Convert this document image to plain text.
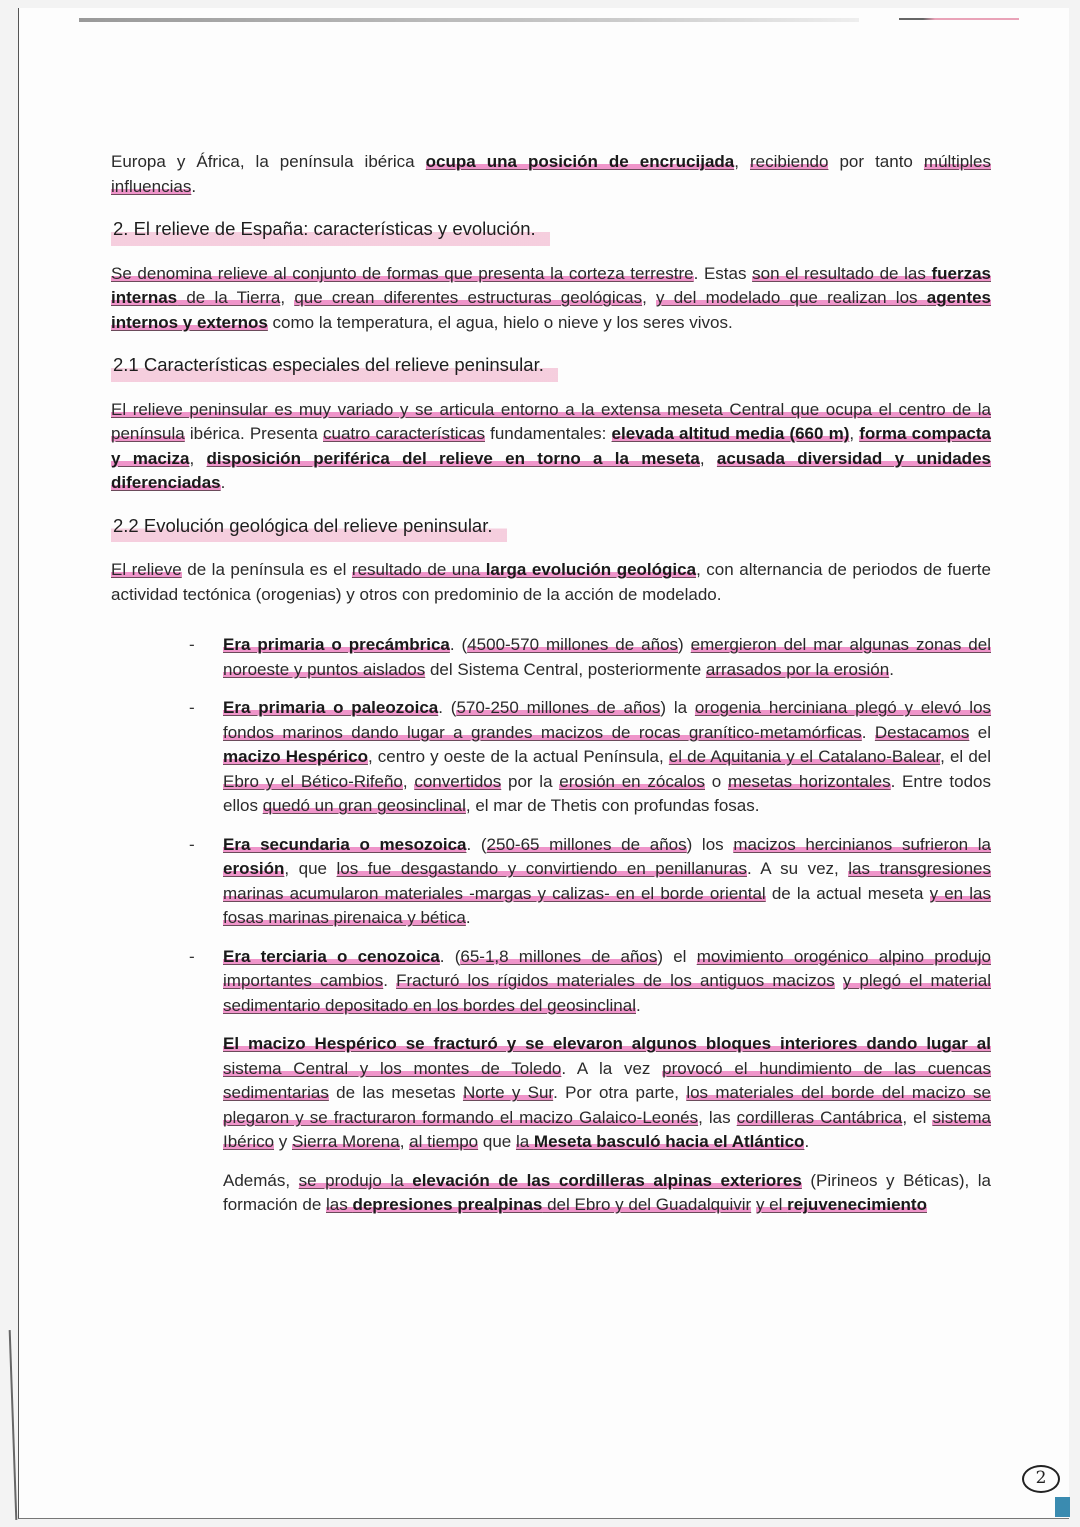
Europa y África, la península ibérica ocupa una posición de encrucijada, recibiendo por tanto múltiples influencias.

2. El relieve de España: características y evolución.

Se denomina relieve al conjunto de formas que presenta la corteza terrestre. Estas son el resultado de las fuerzas internas de la Tierra, que crean diferentes estructuras geológicas, y del modelado que realizan los agentes internos y externos como la temperatura, el agua, hielo o nieve y los seres vivos.

2.1 Características especiales del relieve peninsular.

El relieve peninsular es muy variado y se articula entorno a la extensa meseta Central que ocupa el centro de la península ibérica. Presenta cuatro características fundamentales: elevada altitud media (660 m), forma compacta y maciza, disposición periférica del relieve en torno a la meseta, acusada diversidad y unidades diferenciadas.

2.2 Evolución geológica del relieve peninsular.

El relieve de la península es el resultado de una larga evolución geológica, con alternancia de periodos de fuerte actividad tectónica (orogenias) y otros con predominio de la acción de modelado.

- Era primaria o precámbrica. (4500-570 millones de años) emergieron del mar algunas zonas del noroeste y puntos aislados del Sistema Central, posteriormente arrasados por la erosión.
- Era primaria o paleozoica. (570-250 millones de años) la orogenia herciniana plegó y elevó los fondos marinos dando lugar a grandes macizos de rocas granítico-metamórficas. Destacamos el macizo Hespérico, centro y oeste de la actual Península, el de Aquitania y el Catalano-Balear, el del Ebro y el Bético-Rifeño, convertidos por la erosión en zócalos o mesetas horizontales. Entre todos ellos quedó un gran geosinclinal, el mar de Thetis con profundas fosas.
- Era secundaria o mesozoica. (250-65 millones de años) los macizos hercinianos sufrieron la erosión, que los fue desgastando y convirtiendo en penillanuras. A su vez, las transgresiones marinas acumularon materiales -margas y calizas- en el borde oriental de la actual meseta y en las fosas marinas pirenaica y bética.
- Era terciaria o cenozoica. (65-1,8 millones de años) el movimiento orogénico alpino produjo importantes cambios. Fracturó los rígidos materiales de los antiguos macizos y plegó el material sedimentario depositado en los bordes del geosinclinal.

El macizo Hespérico se fracturó y se elevaron algunos bloques interiores dando lugar al sistema Central y los montes de Toledo. A la vez provocó el hundimiento de las cuencas sedimentarias de las mesetas Norte y Sur. Por otra parte, los materiales del borde del macizo se plegaron y se fracturaron formando el macizo Galaico-Leonés, las cordilleras Cantábrica, el sistema Ibérico y Sierra Morena, al tiempo que la Meseta basculó hacia el Atlántico.

Además, se produjo la elevación de las cordilleras alpinas exteriores (Pirineos y Béticas), la formación de las depresiones prealpinas del Ebro y del Guadalquivir y el rejuvenecimiento

2
